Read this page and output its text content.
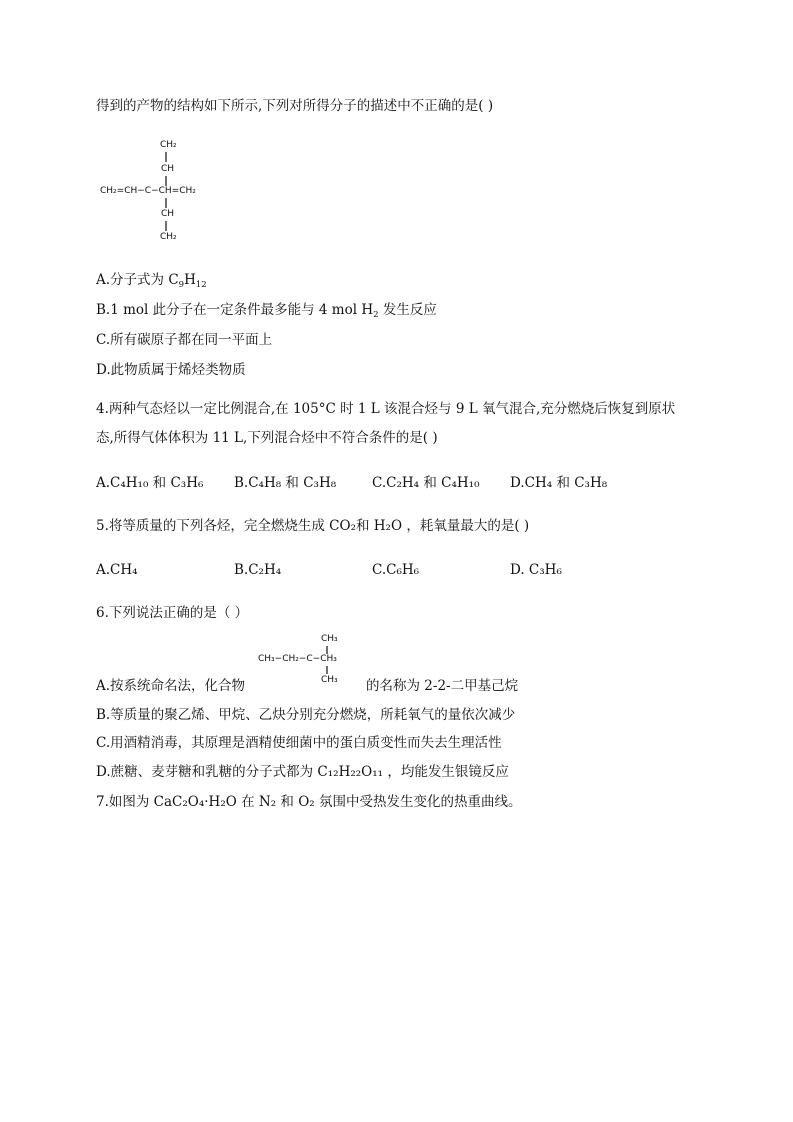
得到的产物的结构如下所示,下列对所得分子的描述中不正确的是( )
CH₂
CH
CH₂=CH−C−CH=CH₂
CH
CH₂
A.分子式为 $C_9H_{12}$
B.1 mol 此分子在一定条件最多能与 4 mol $H_2$ 发生反应
C.所有碳原子都在同一平面上
D.此物质属于烯烃类物质
4.两种气态烃以一定比例混合,在 105°C 时 1 L 该混合烃与 9 L 氧气混合,充分燃烧后恢复到原状
态,所得气体体积为 11 L,下列混合烃中不符合条件的是( )
A.C₄H₁₀ 和 C₃H₆ B.C₄H₈ 和 C₃H₈	C.C₂H₄ 和 C₄H₁₀ D.CH₄ 和 C₃H₈
5.将等质量的下列各烃，完全燃烧生成 CO₂和 H₂O ，耗氧量最大的是( )
A.CH₄	B.C₂H₄	C.C₆H₆	D. C₃H₆
6.下列说法正确的是（ ）
CH₃
CH₃−CH₂−C−CH₃
CH₃
A.按系统命名法，化合物	的名称为 2-2-二甲基己烷
B.等质量的聚乙烯、甲烷、乙炔分别充分燃烧，所耗氧气的量依次减少
C.用酒精消毒，其原理是酒精使细菌中的蛋白质变性而失去生理活性
D.蔗糖、麦芽糖和乳糖的分子式都为 C₁₂H₂₂O₁₁ ，均能发生银镜反应
7.如图为 CaC₂O₄·H₂O 在 N₂ 和 O₂ 氛围中受热发生变化的热重曲线。
